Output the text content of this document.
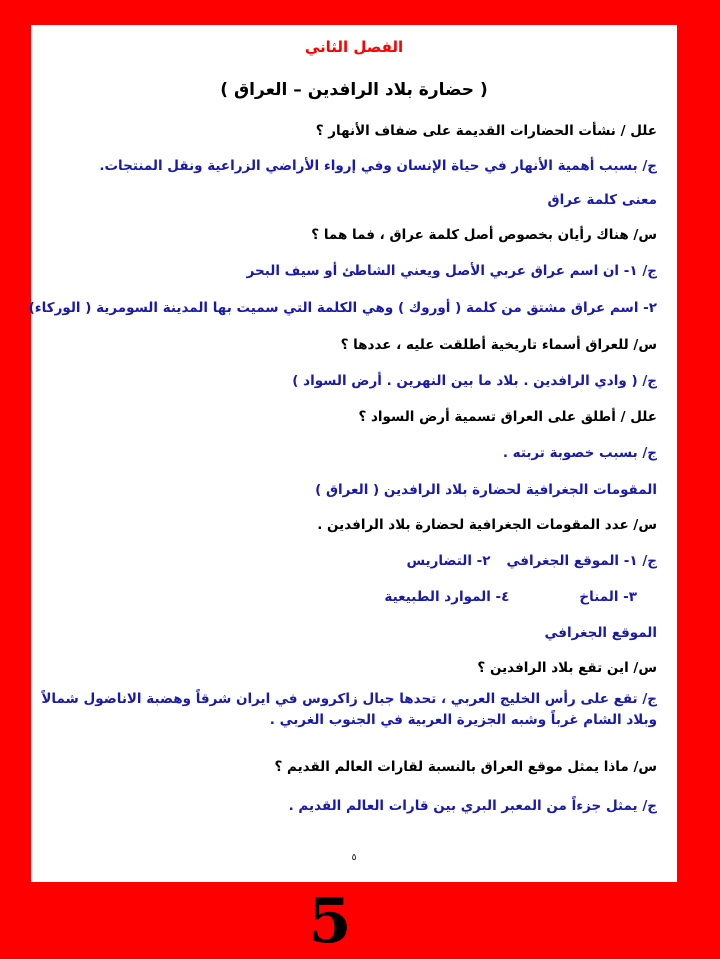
الفصل الثاني
( حضارة بلاد الرافدين – العراق )
علل / نشأت الحضارات القديمة على ضفاف الأنهار ؟
ج/ بسبب أهمية الأنهار في حياة الإنسان وفي إرواء الأراضي الزراعية ونقل المنتجات.
معنى كلمة عراق
س/ هناك رأيان بخصوص أصل كلمة عراق ، فما هما ؟
ج/ ١- ان اسم عراق عربي الأصل ويعني الشاطئ أو سيف البحر
٢- اسم عراق مشتق من كلمة ( أوروك ) وهي الكلمة التي سميت بها المدينة السومرية ( الوركاء)
س/ للعراق أسماء تاريخية أطلقت عليه ، عددها ؟
ج/ ( وادي الرافدين . بلاد ما بين النهرين . أرض السواد )
علل / أطلق على العراق تسمية أرض السواد ؟
ج/ بسبب خصوبة تربته .
المقومات الجغرافية لحضارة بلاد الرافدين ( العراق )
س/ عدد المقومات الجغرافية لحضارة بلاد الرافدين .
ج/ ١- الموقع الجغرافي٢- التضاريس
٣- المناخ٤- الموارد الطبيعية
الموقع الجغرافي
س/ اين تقع بلاد الرافدين ؟
ج/ تقع على رأس الخليج العربي ، تحدها جبال زاكروس في ايران شرقاً وهضبة الاناضول شمالاً وبلاد الشام غرباً وشبه الجزيرة العربية في الجنوب الغربي .
س/ ماذا يمثل موقع العراق بالنسبة لقارات العالم القديم ؟
ج/ يمثل جزءاً من المعبر البري بين قارات العالم القديم .
٥
5
